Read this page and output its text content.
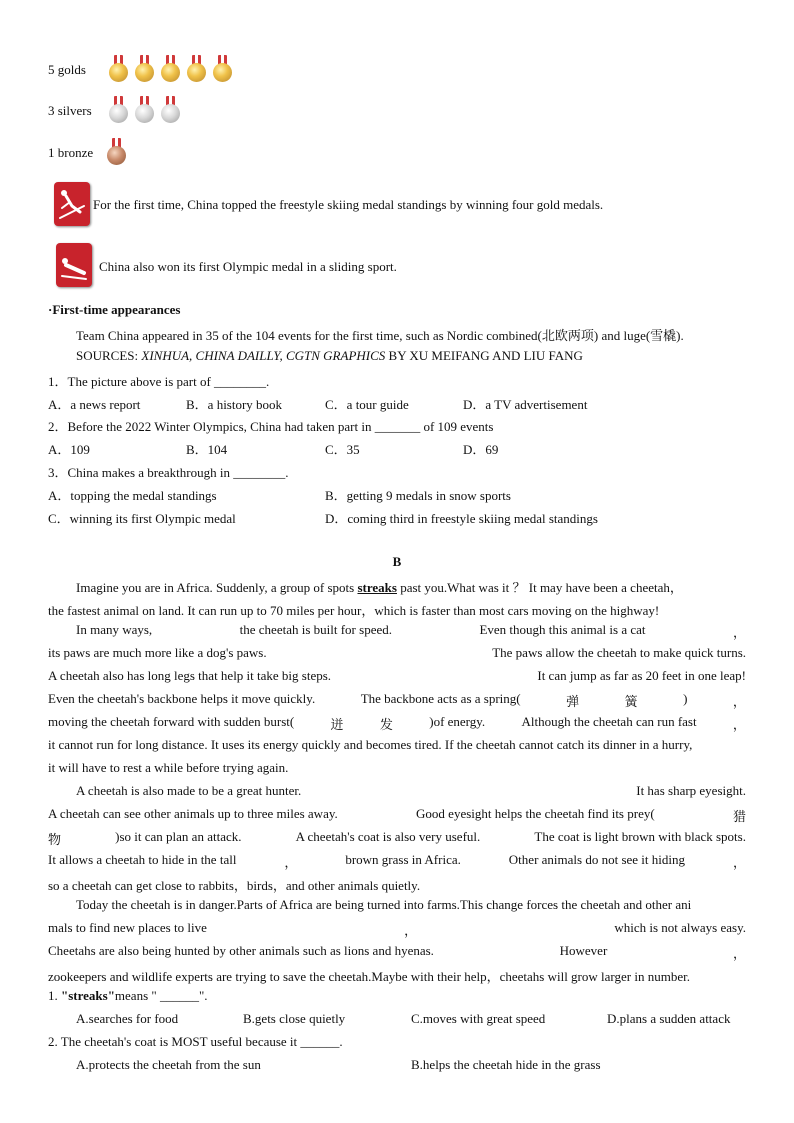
5 golds
3 silvers
1 bronze
For the first time, China topped the freestyle skiing medal standings by winning four gold medals.
China also won its first Olympic medal in a sliding sport.
·First-time appearances
Team China appeared in 35 of the 104 events for the first time, such as Nordic combined(北欧两项) and luge(雪橇).
SOURCES: XINHUA, CHINA DAILLY, CGTN GRAPHICS BY XU MEIFANG AND LIU FANG
1．The picture above is part of ________.
A．a news report	B．a history book	C．a tour guide	D．a TV advertisement
2．Before the 2022 Winter Olympics, China had taken part in _______ of 109 events
A．109	B．104	C．35	D．69
3．China makes a breakthrough in ________.
A．topping the medal standings	B．getting 9 medals in snow sports
C．winning its first Olympic medal	D．coming third in freestyle skiing medal standings
B
Imagine you are in Africa. Suddenly, a group of spots streaks past you.What was it ？ It may have been a cheetah，
the fastest animal on land. It can run up to 70 miles per hour，which is faster than most cars moving on the highway!
In many ways,	the cheetah is built for speed.	Even though this animal is a cat	，
its paws are much more like a dog's paws.	The paws allow the cheetah to make quick turns.
A cheetah also has long legs that help it take big steps.	It can jump as far as 20 feet in one leap!
Even the cheetah's backbone helps it move quickly.	The backbone acts as a spring(	弹	簧	)	，
moving the cheetah forward with sudden burst(	迸	发	)of energy.	Although the cheetah can run fast	，
it cannot run for long distance. It uses its energy quickly and becomes tired. If the cheetah cannot catch its dinner in a hurry,
it will have to rest a while before trying again.
A cheetah is also made to be a great hunter.	It has sharp eyesight.
A cheetah can see other animals up to three miles away.	Good eyesight helps the cheetah find its prey(	猎
物	)so it can plan an attack.	A cheetah's coat is also very useful.	The coat is light brown with black spots.
It allows a cheetah to hide in the tall	，	brown grass in Africa.	Other animals do not see it hiding	，
so a cheetah can get close to rabbits，birds，and other animals quietly.
Today the cheetah is in danger.Parts of Africa are being turned into farms.This change forces the cheetah and other ani
mals to find new places to live	，	which is not always easy.
Cheetahs are also being hunted by other animals such as lions and hyenas.	However	，
zookeepers and wildlife experts are trying to save the cheetah.Maybe with their help，cheetahs will grow larger in number.
1. "streaks"means " ______".
A.searches for food	B.gets close quietly	C.moves with great speed	D.plans a sudden attack
2. The cheetah's coat is MOST useful because it ______.
A.protects the cheetah from the sun	B.helps the cheetah hide in the grass
